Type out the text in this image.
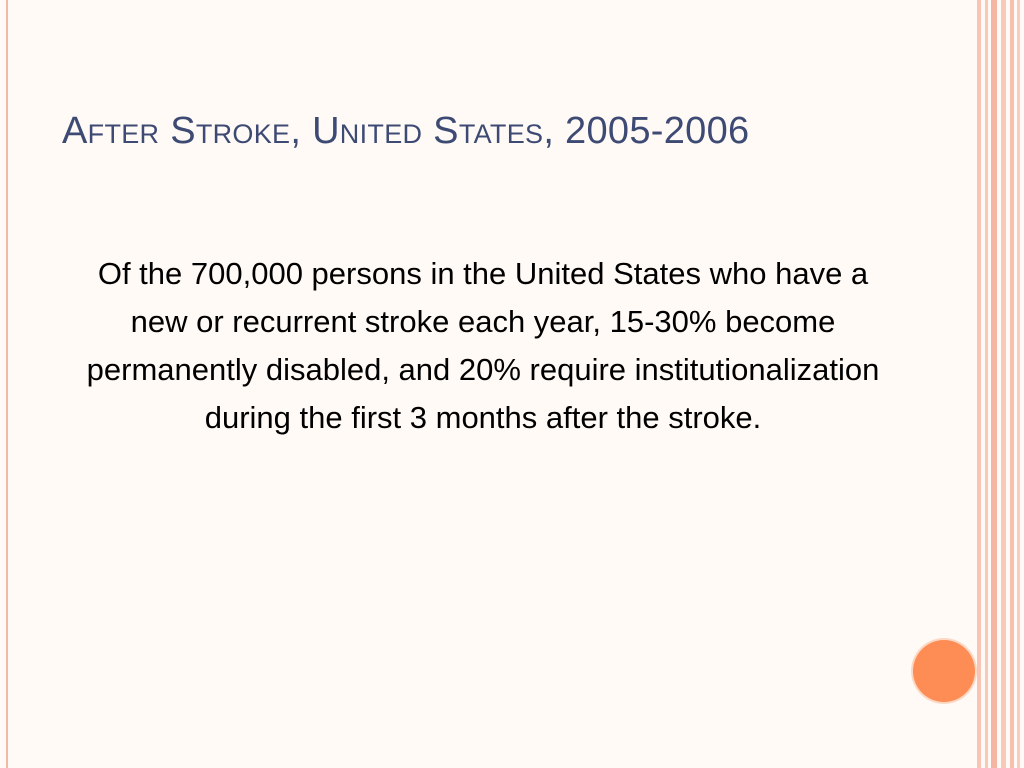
After Stroke, United States, 2005-2006

Of the 700,000 persons in the United States who have a new or recurrent stroke each year, 15-30% become permanently disabled, and 20% require institutionalization during the first 3 months after the stroke.
